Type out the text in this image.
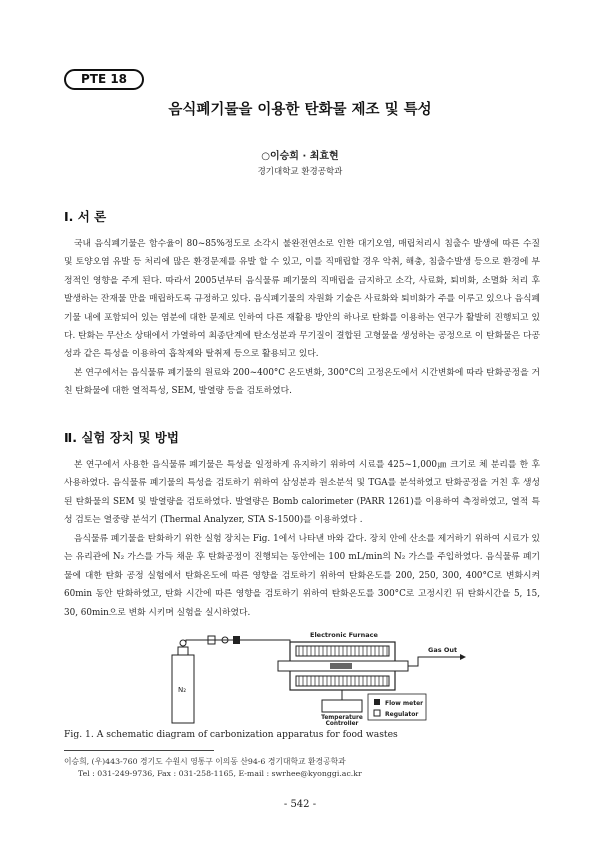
PTE 18
음식폐기물을 이용한 탄화물 제조 및 특성
○이승희 · 최효현
경기대학교 환경공학과
Ⅰ. 서 론

국내 음식폐기물은 함수율이 80~85%정도로 소각시 불완전연소로 인한 대기오염, 매립처리시 침출수 발생에 따른 수질 및 토양오염 유발 등 처리에 많은 환경문제를 유발 할 수 있고, 이를 직매립할 경우 악취, 해충, 침출수발생 등으로 환경에 부정적인 영향을 주게 된다. 따라서 2005년부터 음식물류 폐기물의 직매립을 금지하고 소각, 사료화, 퇴비화, 소멸화 처리 후 발생하는 잔재물 만을 매립하도록 규정하고 있다. 음식폐기물의 자원화 기술은 사료화와 퇴비화가 주를 이루고 있으나 음식폐기물 내에 포함되어 있는 염분에 대한 문제로 인하여 다른 재활용 방안의 하나로 탄화를 이용하는 연구가 활발히 진행되고 있다. 탄화는 무산소 상태에서 가열하여 최종단계에 탄소성분과 무기질이 결합된 고형물을 생성하는 공정으로 이 탄화물은 다공성과 같은 특성을 이용하여 흡착제와 탈취제 등으로 활용되고 있다.

본 연구에서는 음식물류 폐기물의 원료와 200~400°C 온도변화, 300°C의 고정온도에서 시간변화에 따라 탄화공정을 거친 탄화물에 대한 열적특성, SEM, 발열량 등을 검토하였다.

Ⅱ. 실험 장치 및 방법

본 연구에서 사용한 음식물류 폐기물은 특성을 일정하게 유지하기 위하여 시료를 425~1,000㎛ 크기로 체 분리를 한 후 사용하였다. 음식물류 폐기물의 특성을 검토하기 위하여 삼성분과 원소분석 및 TGA를 분석하였고 탄화공정을 거친 후 생성된 탄화물의 SEM 및 발열량을 검토하였다. 발열량은 Bomb calorimeter (PARR 1261)를 이용하여 측정하였고, 열적 특성 검토는 열중량 분석기 (Thermal Analyzer, STA S-1500)를 이용하였다 .

음식물류 폐기물을 탄화하기 위한 실험 장치는 Fig. 1에서 나타낸 바와 같다. 장치 안에 산소를 제거하기 위하여 시료가 있는 유리관에 N₂ 가스를 가득 채운 후 탄화공정이 진행되는 동안에는 100 mL/min의 N₂ 가스를 주입하였다. 음식물류 폐기물에 대한 탄화 공정 실험에서 탄화온도에 따른 영향을 검토하기 위하여 탄화온도를 200, 250, 300, 400°C로 변화시켜 60min 동안 탄화하였고, 탄화 시간에 따른 영향을 검토하기 위하여 탄화온도를 300°C로 고정시킨 뒤 탄화시간을 5, 15, 30, 60min으로 변화 시키며 실험을 실시하였다.

N₂
Electronic Furnace
Gas Out
Temperature
Controller
Flow meter
Regulator
Fig. 1. A schematic diagram of carbonization apparatus for food wastes
이승희, (우)443-760 경기도 수원시 영통구 이의동 산94-6 경기대학교 환경공학과
Tel : 031-249-9736, Fax : 031-258-1165, E-mail : swrhee@kyonggi.ac.kr
- 542 -
